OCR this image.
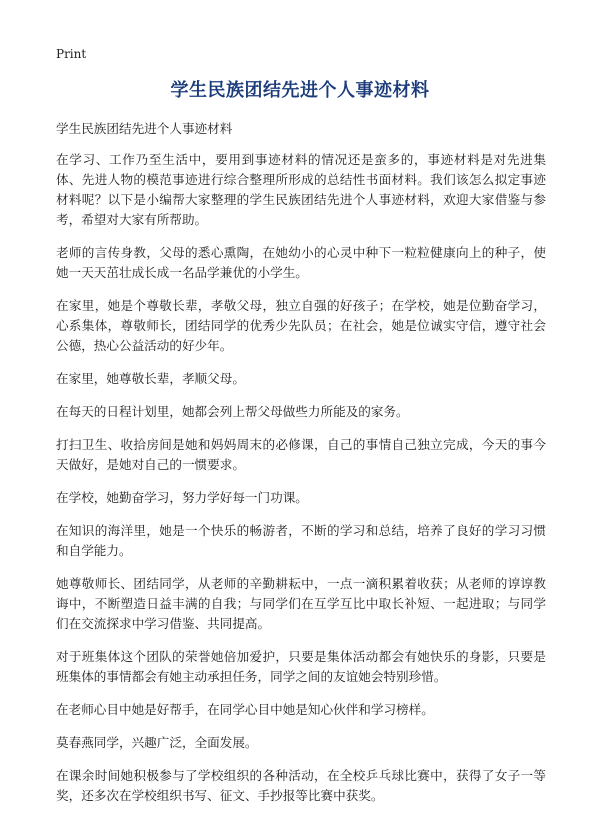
Print
学生民族团结先进个人事迹材料

学生民族团结先进个人事迹材料

在学习、工作乃至生活中，要用到事迹材料的情况还是蛮多的，事迹材料是对先进集体、先进人物的模范事迹进行综合整理所形成的总结性书面材料。我们该怎么拟定事迹材料呢？以下是小编帮大家整理的学生民族团结先进个人事迹材料，欢迎大家借鉴与参考，希望对大家有所帮助。

老师的言传身教，父母的悉心熏陶，在她幼小的心灵中种下一粒粒健康向上的种子，使她一天天茁壮成长成一名品学兼优的小学生。

在家里，她是个尊敬长辈，孝敬父母，独立自强的好孩子；在学校，她是位勤奋学习，心系集体，尊敬师长，团结同学的优秀少先队员；在社会，她是位诚实守信，遵守社会公德，热心公益活动的好少年。

在家里，她尊敬长辈，孝顺父母。

在每天的日程计划里，她都会列上帮父母做些力所能及的家务。

打扫卫生、收拾房间是她和妈妈周末的必修课，自己的事情自己独立完成，今天的事今天做好，是她对自己的一惯要求。

在学校，她勤奋学习，努力学好每一门功课。

在知识的海洋里，她是一个快乐的畅游者，不断的学习和总结，培养了良好的学习习惯和自学能力。

她尊敬师长、团结同学，从老师的辛勤耕耘中，一点一滴积累着收获；从老师的谆谆教诲中，不断塑造日益丰满的自我；与同学们在互学互比中取长补短、一起进取；与同学们在交流探求中学习借鉴、共同提高。

对于班集体这个团队的荣誉她倍加爱护，只要是集体活动都会有她快乐的身影，只要是班集体的事情都会有她主动承担任务，同学之间的友谊她会特别珍惜。

在老师心目中她是好帮手，在同学心目中她是知心伙伴和学习榜样。

莫春燕同学，兴趣广泛，全面发展。

在课余时间她积极参与了学校组织的各种活动，在全校乒乓球比赛中，获得了女子一等奖，还多次在学校组织书写、征文、手抄报等比赛中获奖。
